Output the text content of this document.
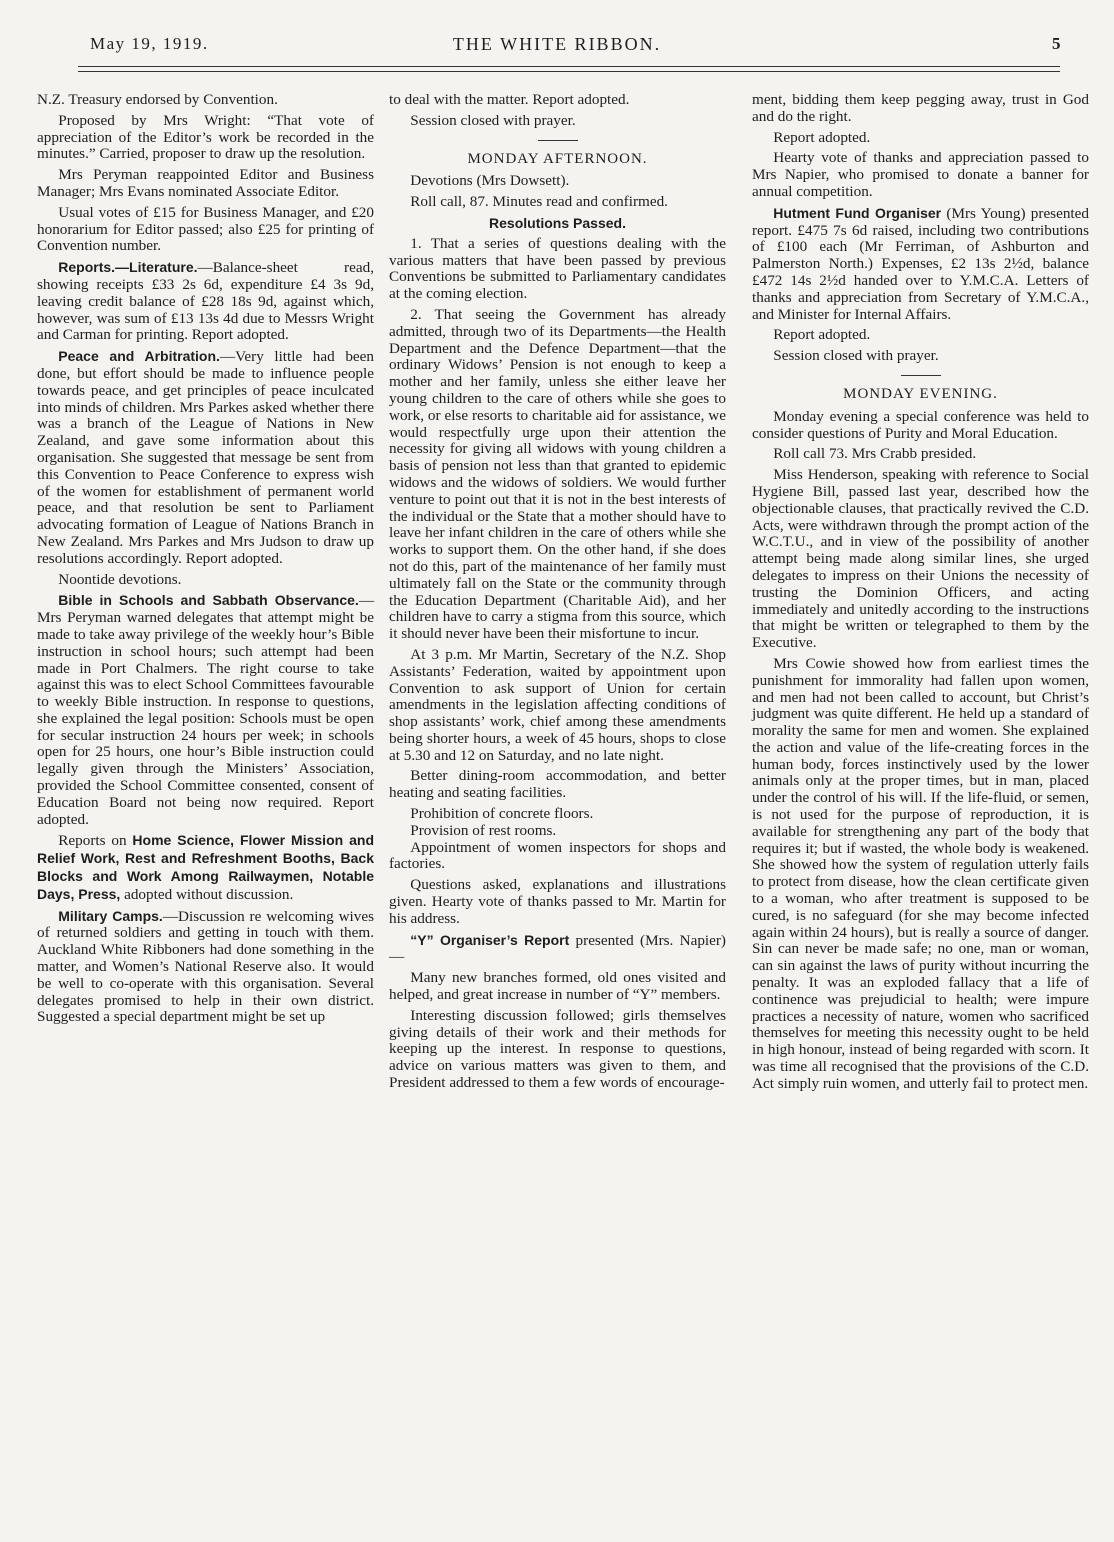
THE WHITE RIBBON.
May 19, 1919.	5

N.Z. Treasury endorsed by Convention.

Proposed by Mrs Wright: “That vote of appreciation of the Editor’s work be recorded in the minutes.” Carried, proposer to draw up the resolution.

Mrs Peryman reappointed Editor and Business Manager; Mrs Evans nominated Associate Editor.

Usual votes of £15 for Business Manager, and £20 honorarium for Editor passed; also £25 for printing of Convention number.

Reports.—Literature.—Balance-sheet read, showing receipts £33 2s 6d, expenditure £4 3s 9d, leaving credit balance of £28 18s 9d, against which, however, was sum of £13 13s 4d due to Messrs Wright and Carman for printing. Report adopted.

Peace and Arbitration.—Very little had been done, but effort should be made to influence people towards peace, and get principles of peace inculcated into minds of children. Mrs Parkes asked whether there was a branch of the League of Nations in New Zealand, and gave some information about this organisation. She suggested that message be sent from this Convention to Peace Conference to express wish of the women for establishment of permanent world peace, and that resolution be sent to Parliament advocating formation of League of Nations Branch in New Zealand. Mrs Parkes and Mrs Judson to draw up resolutions accordingly. Report adopted.

Noontide devotions.

Bible in Schools and Sabbath Observance.—Mrs Peryman warned delegates that attempt might be made to take away privilege of the weekly hour’s Bible instruction in school hours; such attempt had been made in Port Chalmers. The right course to take against this was to elect School Committees favourable to weekly Bible instruction. In response to questions, she explained the legal position: Schools must be open for secular instruction 24 hours per week; in schools open for 25 hours, one hour’s Bible instruction could legally given through the Ministers’ Association, provided the School Committee consented, consent of Education Board not being now required. Report adopted.

Reports on Home Science, Flower Mission and Relief Work, Rest and Refreshment Booths, Back Blocks and Work Among Railwaymen, Notable Days, Press, adopted without discussion.

Military Camps.—Discussion re welcoming wives of returned soldiers and getting in touch with them. Auckland White Ribboners had done something in the matter, and Women’s National Reserve also. It would be well to co-operate with this organisation. Several delegates promised to help in their own district. Suggested a special department might be set up

to deal with the matter. Report adopted.

Session closed with prayer.

MONDAY AFTERNOON.

Devotions (Mrs Dowsett).

Roll call, 87. Minutes read and confirmed.

Resolutions Passed.

1. That a series of questions dealing with the various matters that have been passed by previous Conventions be submitted to Parliamentary candidates at the coming election.

2. That seeing the Government has already admitted, through two of its Departments—the Health Department and the Defence Department—that the ordinary Widows’ Pension is not enough to keep a mother and her family, unless she either leave her young children to the care of others while she goes to work, or else resorts to charitable aid for assistance, we would respectfully urge upon their attention the necessity for giving all widows with young children a basis of pension not less than that granted to epidemic widows and the widows of soldiers. We would further venture to point out that it is not in the best interests of the individual or the State that a mother should have to leave her infant children in the care of others while she works to support them. On the other hand, if she does not do this, part of the maintenance of her family must ultimately fall on the State or the community through the Education Department (Charitable Aid), and her children have to carry a stigma from this source, which it should never have been their misfortune to incur.

At 3 p.m. Mr Martin, Secretary of the N.Z. Shop Assistants’ Federation, waited by appointment upon Convention to ask support of Union for certain amendments in the legislation affecting conditions of shop assistants’ work, chief among these amendments being shorter hours, a week of 45 hours, shops to close at 5.30 and 12 on Saturday, and no late night.

Better dining-room accommodation, and better heating and seating facilities.

Prohibition of concrete floors.

Provision of rest rooms.

Appointment of women inspectors for shops and factories.

Questions asked, explanations and illustrations given. Hearty vote of thanks passed to Mr. Martin for his address.

“Y” Organiser’s Report presented (Mrs. Napier)—

Many new branches formed, old ones visited and helped, and great increase in number of “Y” members.

Interesting discussion followed; girls themselves giving details of their work and their methods for keeping up the interest. In response to questions, advice on various matters was given to them, and President addressed to them a few words of encourage-

ment, bidding them keep pegging away, trust in God and do the right.

Report adopted.

Hearty vote of thanks and appreciation passed to Mrs Napier, who promised to donate a banner for annual competition.

Hutment Fund Organiser (Mrs Young) presented report. £475 7s 6d raised, including two contributions of £100 each (Mr Ferriman, of Ashburton and Palmerston North.) Expenses, £2 13s 2½d, balance £472 14s 2½d handed over to Y.M.C.A. Letters of thanks and appreciation from Secretary of Y.M.C.A., and Minister for Internal Affairs.

Report adopted.

Session closed with prayer.

MONDAY EVENING.

Monday evening a special conference was held to consider questions of Purity and Moral Education.

Roll call 73. Mrs Crabb presided.

Miss Henderson, speaking with reference to Social Hygiene Bill, passed last year, described how the objectionable clauses, that practically revived the C.D. Acts, were withdrawn through the prompt action of the W.C.T.U., and in view of the possibility of another attempt being made along similar lines, she urged delegates to impress on their Unions the necessity of trusting the Dominion Officers, and acting immediately and unitedly according to the instructions that might be written or telegraphed to them by the Executive.

Mrs Cowie showed how from earliest times the punishment for immorality had fallen upon women, and men had not been called to account, but Christ’s judgment was quite different. He held up a standard of morality the same for men and women. She explained the action and value of the life-creating forces in the human body, forces instinctively used by the lower animals only at the proper times, but in man, placed under the control of his will. If the life-fluid, or semen, is not used for the purpose of reproduction, it is available for strengthening any part of the body that requires it; but if wasted, the whole body is weakened. She showed how the system of regulation utterly fails to protect from disease, how the clean certificate given to a woman, who after treatment is supposed to be cured, is no safeguard (for she may become infected again within 24 hours), but is really a source of danger. Sin can never be made safe; no one, man or woman, can sin against the laws of purity without incurring the penalty. It was an exploded fallacy that a life of continence was prejudicial to health; were impure practices a necessity of nature, women who sacrificed themselves for meeting this necessity ought to be held in high honour, instead of being regarded with scorn. It was time all recognised that the provisions of the C.D. Act simply ruin women, and utterly fail to protect men.
